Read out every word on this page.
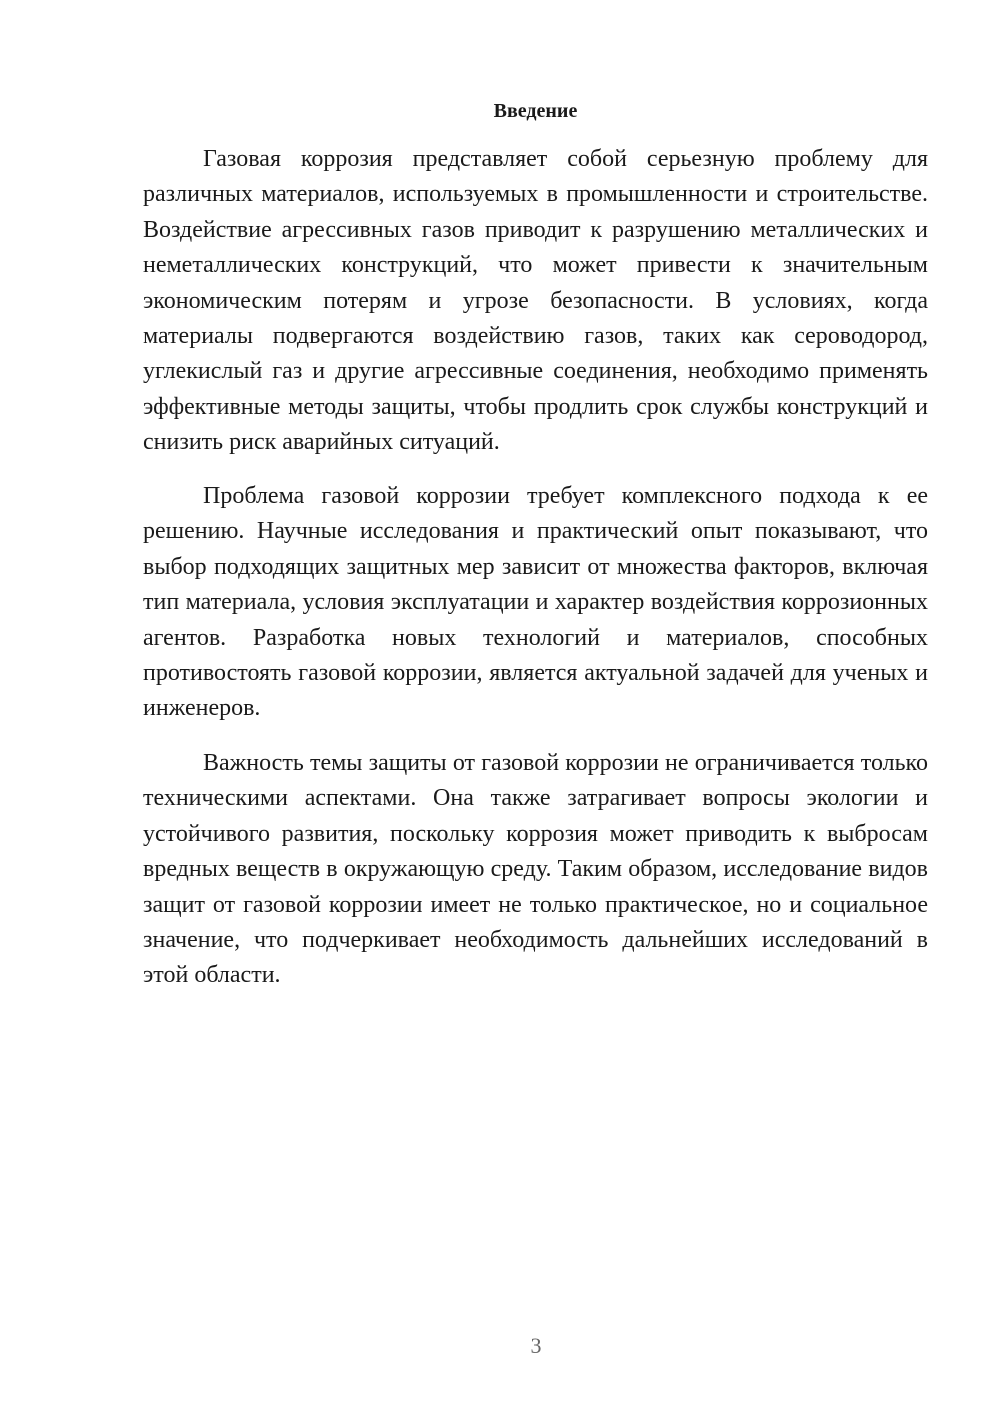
Введение

Газовая коррозия представляет собой серьезную проблему для различных материалов, используемых в промышленности и строительстве. Воздействие агрессивных газов приводит к разрушению металлических и неметаллических конструкций, что может привести к значительным экономическим потерям и угрозе безопасности. В условиях, когда материалы подвергаются воздействию газов, таких как сероводород, углекислый газ и другие агрессивные соединения, необходимо применять эффективные методы защиты, чтобы продлить срок службы конструкций и снизить риск аварийных ситуаций.

Проблема газовой коррозии требует комплексного подхода к ее решению. Научные исследования и практический опыт показывают, что выбор подходящих защитных мер зависит от множества факторов, включая тип материала, условия эксплуатации и характер воздействия коррозионных агентов. Разработка новых технологий и материалов, способных противостоять газовой коррозии, является актуальной задачей для ученых и инженеров.

Важность темы защиты от газовой коррозии не ограничивается только техническими аспектами. Она также затрагивает вопросы экологии и устойчивого развития, поскольку коррозия может приводить к выбросам вредных веществ в окружающую среду. Таким образом, исследование видов защит от газовой коррозии имеет не только практическое, но и социальное значение, что подчеркивает необходимость дальнейших исследований в этой области.

3
